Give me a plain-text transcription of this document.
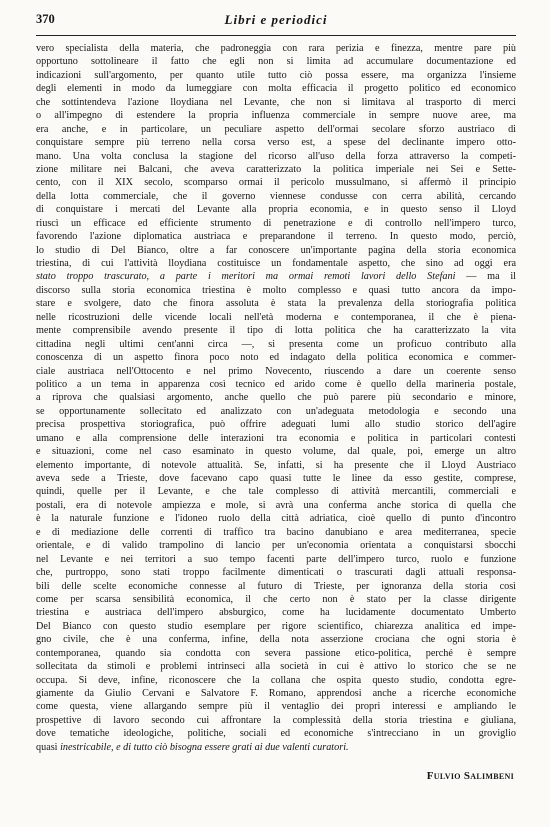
370	Libri e periodici
vero specialista della materia, che padroneggia con rara perizia e finezza, mentre pare più
opportuno sottolineare il fatto che egli non si limita ad accumulare documentazione ed
indicazioni sull'argomento, per quanto utile tutto ciò possa essere, ma organizza l'insieme
degli elementi in modo da lumeggiare con molta efficacia il progetto politico ed economico
che sottintendeva l'azione lloydiana nel Levante, che non si limitava al trasporto di merci
o all'impegno di estendere la propria influenza commerciale in sempre nuove aree, ma
era anche, e in particolare, un peculiare aspetto dell'ormai secolare sforzo austriaco di
conquistare sempre più terreno nella corsa verso est, a spese del declinante impero otto-
mano. Una volta conclusa la stagione del ricorso all'uso della forza attraverso la competi-
zione militare nei Balcani, che aveva caratterizzato la politica imperiale nei Sei e Sette-
cento, con il XIX secolo, scomparso ormai il pericolo mussulmano, si affermò il principio
della lotta commerciale, che il governo viennese condusse con cerra abilità, cercando
di conquistare i mercati del Levante alla propria economia, e in questo senso il Lloyd
riuscì un efficace ed efficiente strumento di penetrazione e di controllo nell'impero turco,
favorendo l'azione diplomatica austriaca e preparandone il terreno. In questo modo, perciò,
lo studio di Del Bianco, oltre a far conoscere un'importante pagina della storia economica
triestina, di cui l'attività lloydiana costituisce un fondamentale aspetto, che sino ad oggi era
stato troppo trascurato, a parte i meritori ma ormai remoti lavori dello Stefani — ma il
discorso sulla storia economica triestina è molto complesso e quasi tutto ancora da impo-
stare e svolgere, dato che finora assoluta è stata la prevalenza della storiografia politica
nelle ricostruzioni delle vicende locali nell'età moderna e contemporanea, il che è piena-
mente comprensibile avendo presente il tipo di lotta politica che ha caratterizzato la vita
cittadina negli ultimi cent'anni circa —, si presenta come un proficuo contributo alla
conoscenza di un aspetto finora poco noto ed indagato della politica economica e commer-
ciale austriaca nell'Ottocento e nel primo Novecento, riuscendo a dare un coerente senso
politico a un tema in apparenza così tecnico ed arido come è quello della marineria postale,
a riprova che qualsiasi argomento, anche quello che può parere più secondario e minore,
se opportunamente sollecitato ed analizzato con un'adeguata metodologia e secondo una
precisa prospettiva storiografica, può offrire adeguati lumi allo studio storico dell'agire
umano e alla comprensione delle interazioni tra economia e politica in particolari contesti
e situazioni, come nel caso esaminato in questo volume, dal quale, poi, emerge un altro
elemento importante, di notevole attualità. Se, infatti, si ha presente che il Lloyd Austriaco
aveva sede a Trieste, dove facevano capo quasi tutte le linee da esso gestite, comprese,
quindi, quelle per il Levante, e che tale complesso di attività mercantili, commerciali e
postali, era di notevole ampiezza e mole, si avrà una conferma anche storica di quella che
è la naturale funzione e l'idoneo ruolo della città adriatica, cioè quello di punto d'incontro
e di mediazione delle correnti di traffico tra bacino danubiano e area mediterranea, specie
orientale, e di valido trampolino di lancio per un'economia orientata a conquistarsi sbocchi
nel Levante e nei territori a suo tempo facenti parte dell'impero turco, ruolo e funzione
che, purtroppo, sono stati troppo facilmente dimenticati o trascurati dagli attuali responsa-
bili delle scelte economiche connesse al futuro di Trieste, per ignoranza della storia così
come per scarsa sensibilità economica, il che certo non è stato per la classe dirigente
triestina e austriaca dell'impero absburgico, come ha lucidamente documentato Umberto
Del Bianco con questo studio esemplare per rigore scientifico, chiarezza analitica ed impe-
gno civile, che è una conferma, infine, della nota asserzione crociana che ogni storia è
contemporanea, quando sia condotta con severa passione etico-politica, perché è sempre
sollecitata da stimoli e problemi intrinseci alla società in cui è attivo lo storico che se ne
occupa. Si deve, infine, riconoscere che la collana che ospita questo studio, condotta egre-
giamente da Giulio Cervani e Salvatore F. Romano, apprendosi anche a ricerche economiche
come questa, viene allargando sempre più il ventaglio dei propri interessi e ampliando le
prospettive di lavoro secondo cui affrontare la complessità della storia triestina e giuliana,
dove tematiche ideologiche, politiche, sociali ed economiche s'intrecciano in un groviglio
quasi inestricabile, e di tutto ciò bisogna essere grati ai due valenti curatori.
Fulvio Salimbeni
